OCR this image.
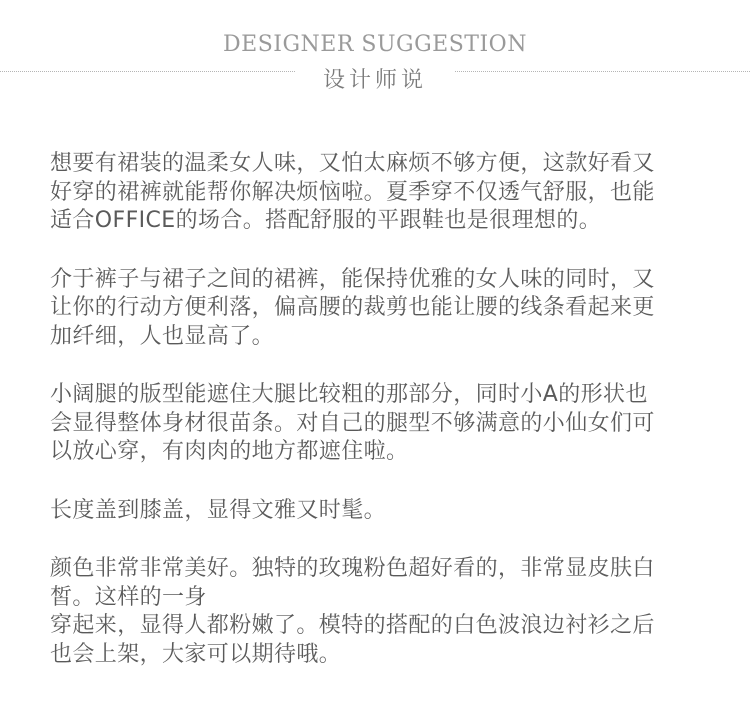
DESIGNER SUGGESTION
设计师说

想要有裙装的温柔女人味，又怕太麻烦不够方便，这款好看又
好穿的裙裤就能帮你解决烦恼啦。夏季穿不仅透气舒服，也能
适合OFFICE的场合。搭配舒服的平跟鞋也是很理想的。

介于裤子与裙子之间的裙裤，能保持优雅的女人味的同时，又
让你的行动方便利落，偏高腰的裁剪也能让腰的线条看起来更
加纤细，人也显高了。

小阔腿的版型能遮住大腿比较粗的那部分，同时小A的形状也
会显得整体身材很苗条。对自己的腿型不够满意的小仙女们可
以放心穿，有肉肉的地方都遮住啦。

长度盖到膝盖，显得文雅又时髦。

颜色非常非常美好。独特的玫瑰粉色超好看的，非常显皮肤白
皙。这样的一身
穿起来，显得人都粉嫩了。模特的搭配的白色波浪边衬衫之后
也会上架，大家可以期待哦。
